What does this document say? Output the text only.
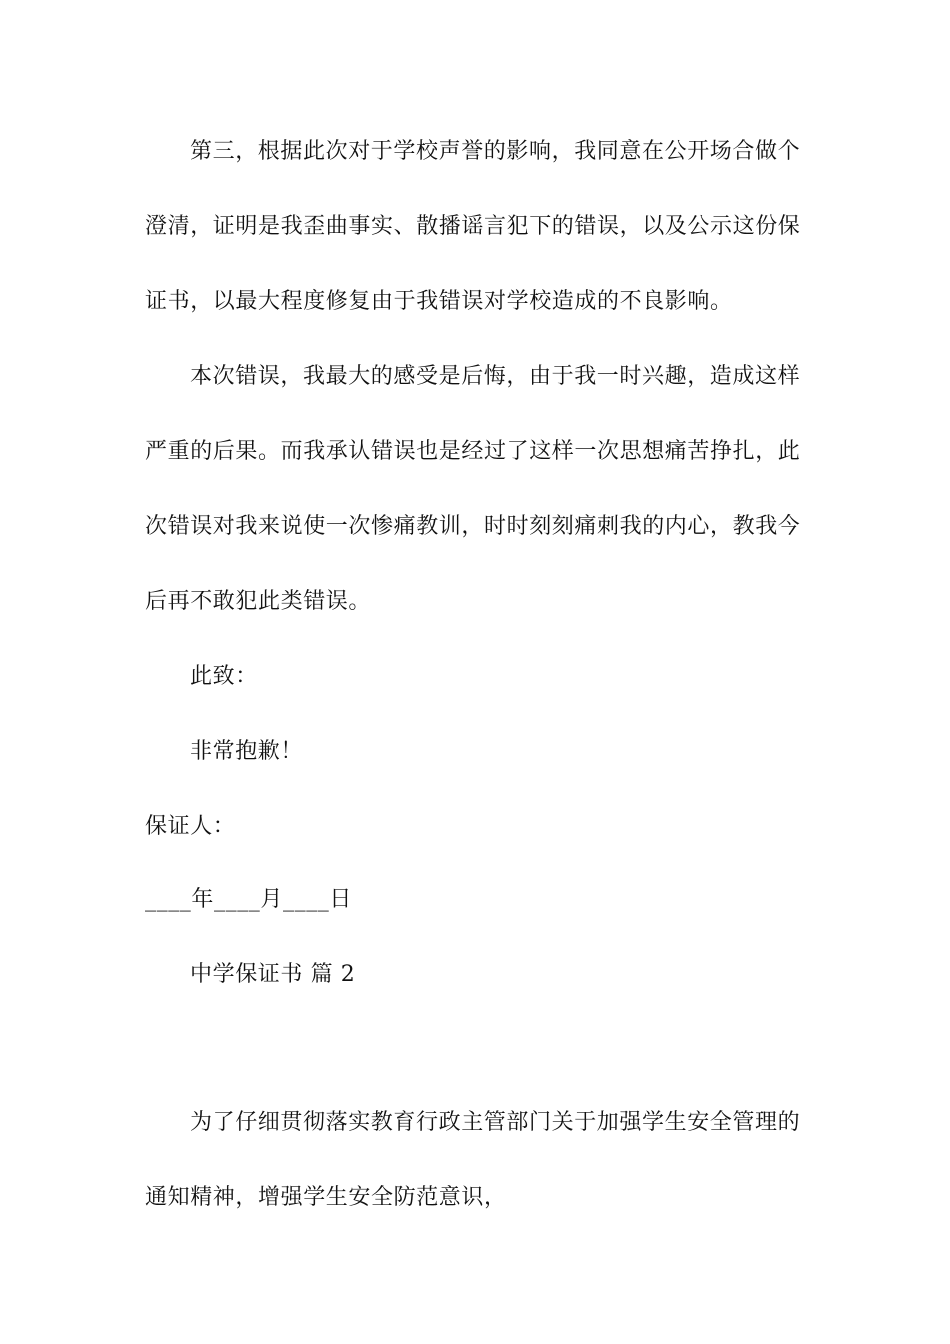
第三，根据此次对于学校声誉的影响，我同意在公开场合做个
澄清，证明是我歪曲事实、散播谣言犯下的错误，以及公示这份保
证书，以最大程度修复由于我错误对学校造成的不良影响。
本次错误，我最大的感受是后悔，由于我一时兴趣，造成这样
严重的后果。而我承认错误也是经过了这样一次思想痛苦挣扎，此
次错误对我来说使一次惨痛教训，时时刻刻痛刺我的内心，教我今
后再不敢犯此类错误。
此致：
非常抱歉！
保证人：
____年____月____日
中学保证书 篇 2
为了仔细贯彻落实教育行政主管部门关于加强学生安全管理的
通知精神，增强学生安全防范意识，
